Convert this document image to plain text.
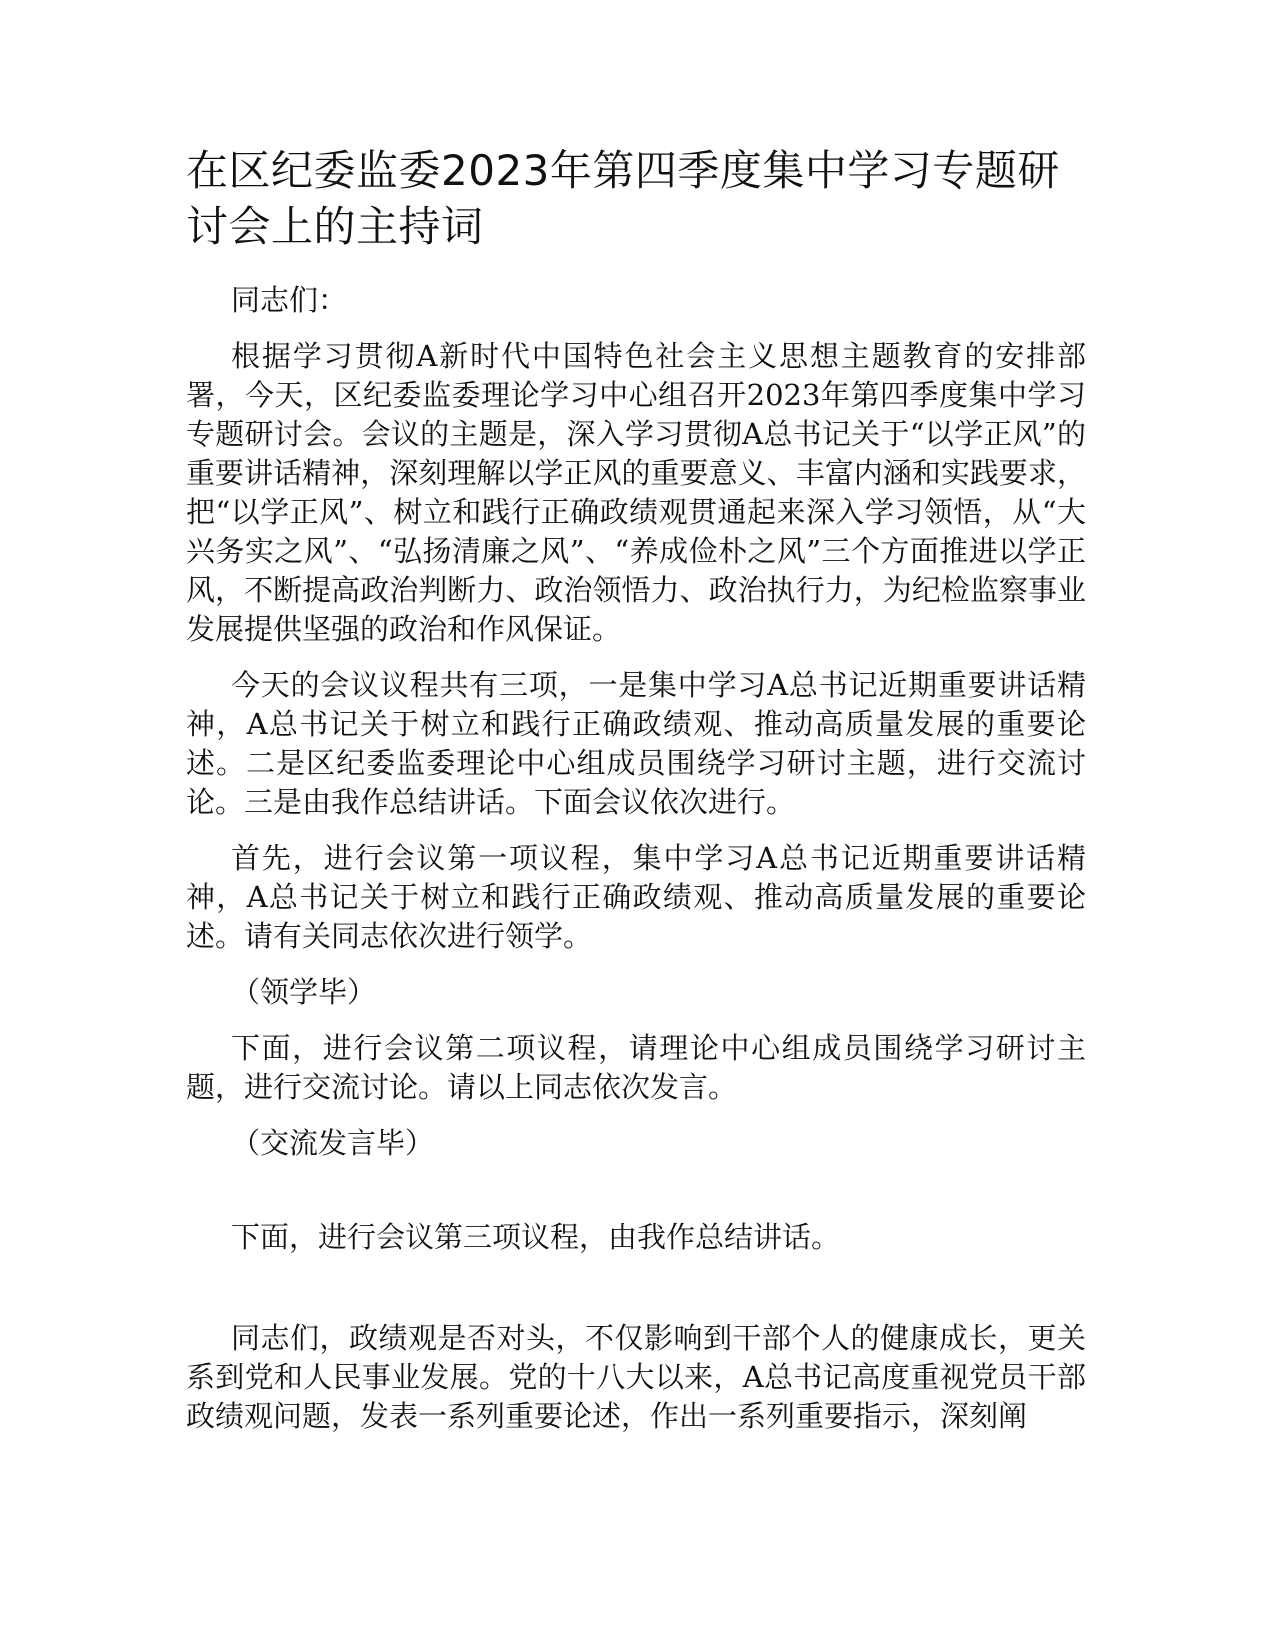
在区纪委监委2023年第四季度集中学习专题研讨会上的主持词

同志们：

根据学习贯彻A新时代中国特色社会主义思想主题教育的安排部署，今天，区纪委监委理论学习中心组召开2023年第四季度集中学习专题研讨会。会议的主题是，深入学习贯彻A总书记关于“以学正风”的重要讲话精神，深刻理解以学正风的重要意义、丰富内涵和实践要求，把“以学正风”、树立和践行正确政绩观贯通起来深入学习领悟，从“大兴务实之风”、“弘扬清廉之风”、“养成俭朴之风”三个方面推进以学正风，不断提高政治判断力、政治领悟力、政治执行力，为纪检监察事业发展提供坚强的政治和作风保证。

今天的会议议程共有三项，一是集中学习A总书记近期重要讲话精神，A总书记关于树立和践行正确政绩观、推动高质量发展的重要论述。二是区纪委监委理论中心组成员围绕学习研讨主题，进行交流讨论。三是由我作总结讲话。下面会议依次进行。

首先，进行会议第一项议程，集中学习A总书记近期重要讲话精神，A总书记关于树立和践行正确政绩观、推动高质量发展的重要论述。请有关同志依次进行领学。

（领学毕）

下面，进行会议第二项议程，请理论中心组成员围绕学习研讨主题，进行交流讨论。请以上同志依次发言。

（交流发言毕）

下面，进行会议第三项议程，由我作总结讲话。

同志们，政绩观是否对头，不仅影响到干部个人的健康成长，更关系到党和人民事业发展。党的十八大以来，A总书记高度重视党员干部政绩观问题，发表一系列重要论述，作出一系列重要指示，深刻阐
